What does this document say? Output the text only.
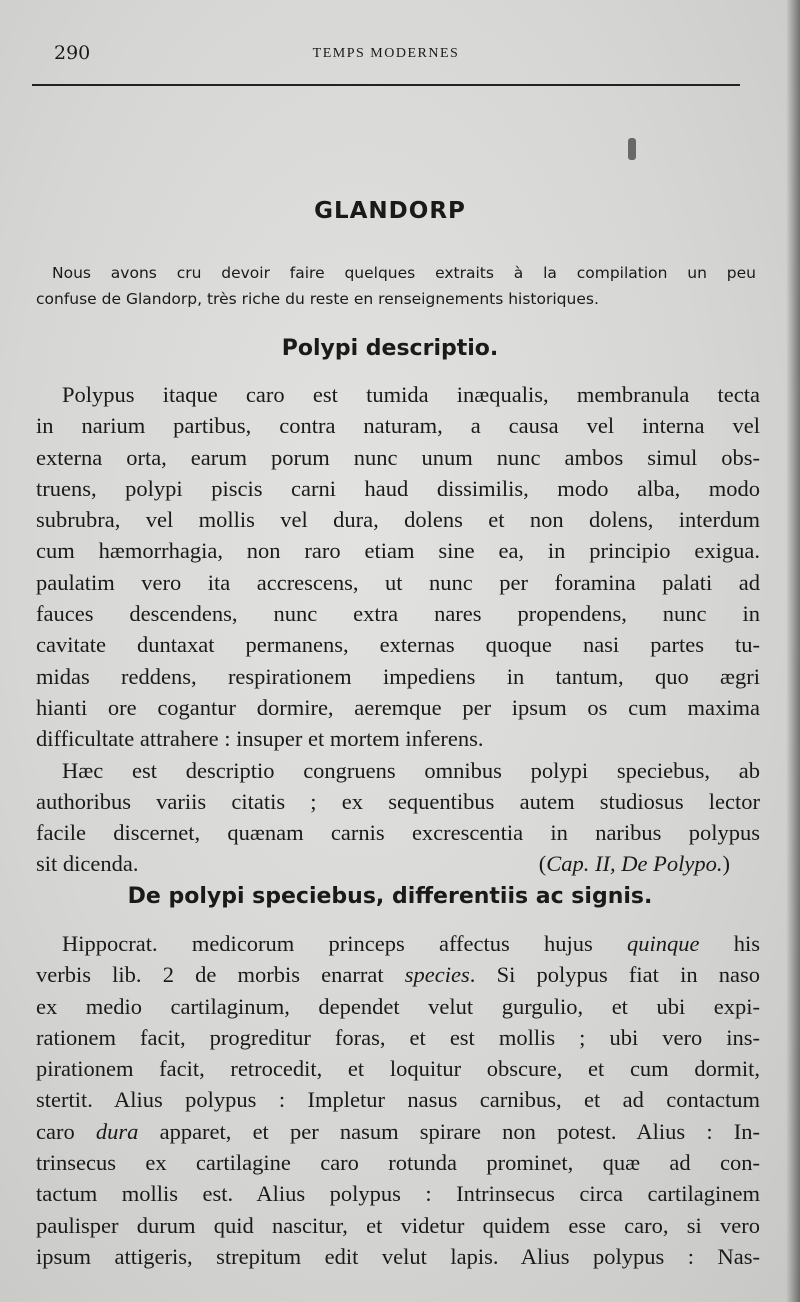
290	TEMPS MODERNES
GLANDORP
Nous avons cru devoir faire quelques extraits à la compilation un peu
confuse de Glandorp, très riche du reste en renseignements historiques.
Polypi descriptio.
Polypus itaque caro est tumida inæqualis, membranula tecta
in narium partibus, contra naturam, a causa vel interna vel
externa orta, earum porum nunc unum nunc ambos simul obs-
truens, polypi piscis carni haud dissimilis, modo alba, modo
subrubra, vel mollis vel dura, dolens et non dolens, interdum
cum hæmorrhagia, non raro etiam sine ea, in principio exigua.
paulatim vero ita accrescens, ut nunc per foramina palati ad
fauces descendens, nunc extra nares propendens, nunc in
cavitate duntaxat permanens, externas quoque nasi partes tu-
midas reddens, respirationem impediens in tantum, quo ægri
hianti ore cogantur dormire, aeremque per ipsum os cum maxima
difficultate attrahere : insuper et mortem inferens.
Hæc est descriptio congruens omnibus polypi speciebus, ab
authoribus variis citatis ; ex sequentibus autem studiosus lector
facile discernet, quænam carnis excrescentia in naribus polypus
sit dicenda.	(Cap. II, De Polypo.)
De polypi speciebus, differentiis ac signis.
Hippocrat. medicorum princeps affectus hujus quinque his
verbis lib. 2 de morbis enarrat species. Si polypus fiat in naso
ex medio cartilaginum, dependet velut gurgulio, et ubi expi-
rationem facit, progreditur foras, et est mollis ; ubi vero ins-
pirationem facit, retrocedit, et loquitur obscure, et cum dormit,
stertit. Alius polypus : Impletur nasus carnibus, et ad contactum
caro dura apparet, et per nasum spirare non potest. Alius : In-
trinsecus ex cartilagine caro rotunda prominet, quæ ad con-
tactum mollis est. Alius polypus : Intrinsecus circa cartilaginem
paulisper durum quid nascitur, et videtur quidem esse caro, si vero
ipsum attigeris, strepitum edit velut lapis. Alius polypus : Nas-
